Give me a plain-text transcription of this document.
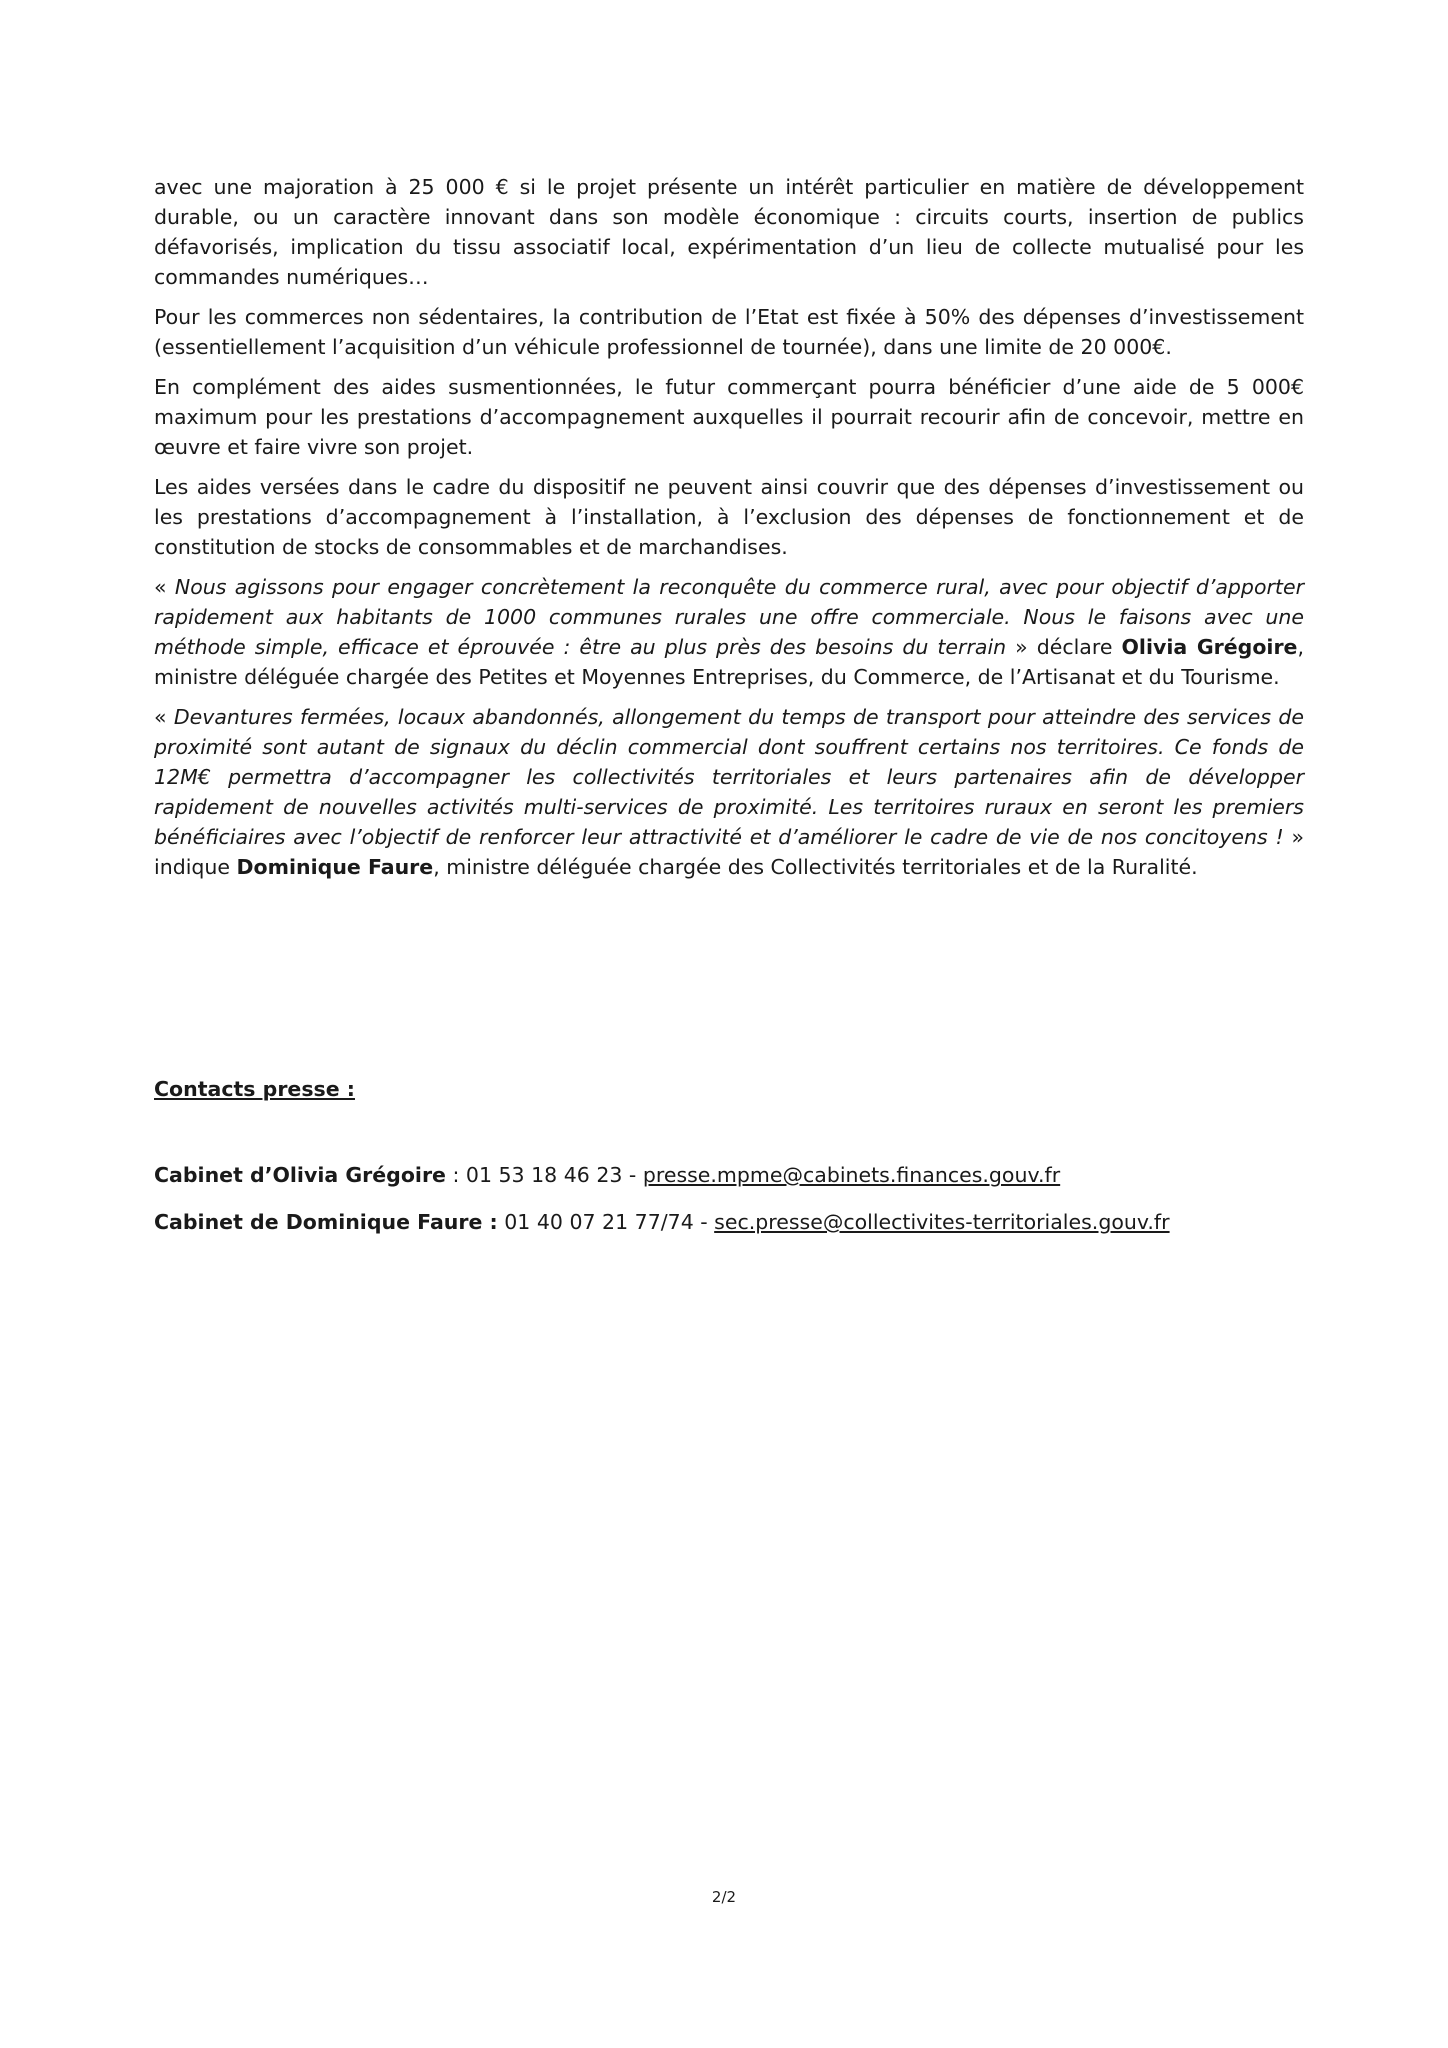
avec une majoration à 25 000 € si le projet présente un intérêt particulier en matière de développement durable, ou un caractère innovant dans son modèle économique : circuits courts, insertion de publics défavorisés, implication du tissu associatif local, expérimentation d’un lieu de collecte mutualisé pour les commandes numériques…

Pour les commerces non sédentaires, la contribution de l’Etat est fixée à 50% des dépenses d’investissement (essentiellement l’acquisition d’un véhicule professionnel de tournée), dans une limite de 20 000€.

En complément des aides susmentionnées, le futur commerçant pourra bénéficier d’une aide de 5 000€ maximum pour les prestations d’accompagnement auxquelles il pourrait recourir afin de concevoir, mettre en œuvre et faire vivre son projet.

Les aides versées dans le cadre du dispositif ne peuvent ainsi couvrir que des dépenses d’investissement ou les prestations d’accompagnement à l’installation, à l’exclusion des dépenses de fonctionnement et de constitution de stocks de consommables et de marchandises.

« Nous agissons pour engager concrètement la reconquête du commerce rural, avec pour objectif d’apporter rapidement aux habitants de 1000 communes rurales une offre commerciale. Nous le faisons avec une méthode simple, efficace et éprouvée : être au plus près des besoins du terrain » déclare Olivia Grégoire, ministre déléguée chargée des Petites et Moyennes Entreprises, du Commerce, de l’Artisanat et du Tourisme.

« Devantures fermées, locaux abandonnés, allongement du temps de transport pour atteindre des services de proximité sont autant de signaux du déclin commercial dont souffrent certains nos territoires. Ce fonds de 12M€ permettra d’accompagner les collectivités territoriales et leurs partenaires afin de développer rapidement de nouvelles activités multi-services de proximité. Les territoires ruraux en seront les premiers bénéficiaires avec l’objectif de renforcer leur attractivité et d’améliorer le cadre de vie de nos concitoyens ! » indique Dominique Faure, ministre déléguée chargée des Collectivités territoriales et de la Ruralité.

Contacts presse :
Cabinet d’Olivia Grégoire : 01 53 18 46 23 - presse.mpme@cabinets.finances.gouv.fr
Cabinet de Dominique Faure : 01 40 07 21 77/74 - sec.presse@collectivites-territoriales.gouv.fr
2/2
